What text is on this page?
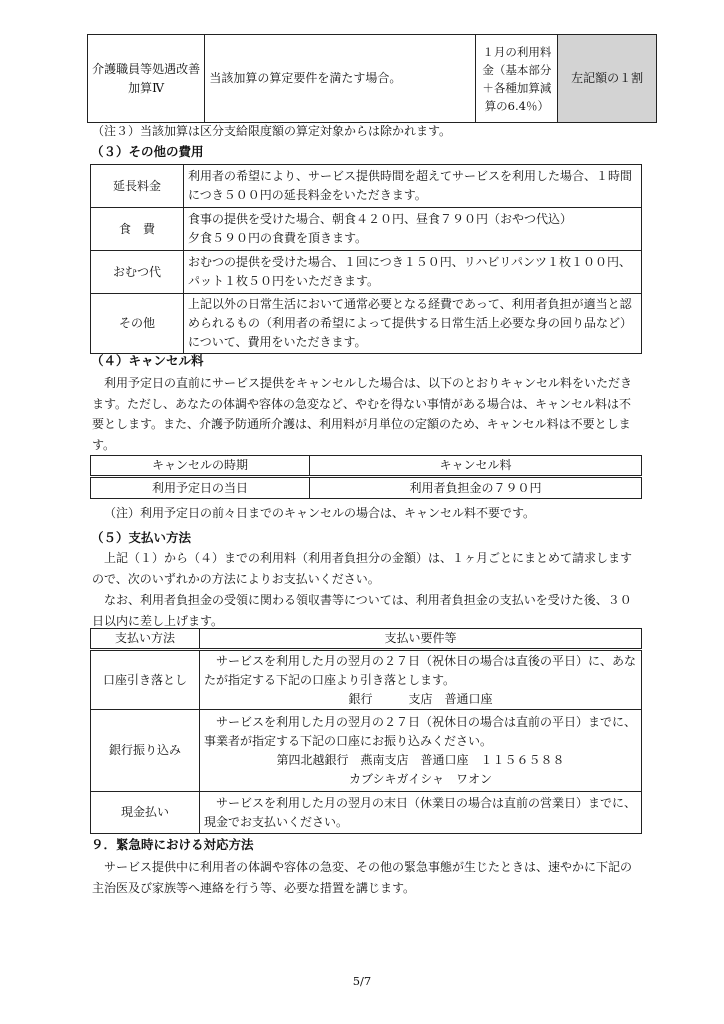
介護職員等処遇改善加算Ⅳ	当該加算の算定要件を満たす場合。	１月の利用料金（基本部分＋各種加算減算の6.4％）	左記額の１割
（注３）当該加算は区分支給限度額の算定対象からは除かれます。
（３）その他の費用
延長料金	利用者の希望により、サービス提供時間を超えてサービスを利用した場合、１時間につき５００円の延長料金をいただきます。
食　費	食事の提供を受けた場合、朝食４２０円、昼食７９０円（おやつ代込）
夕食５９０円の食費を頂きます。

おむつ代	おむつの提供を受けた場合、１回につき１５０円、リハビリパンツ１枚１００円、パット１枚５０円をいただきます。
その他	上記以外の日常生活において通常必要となる経費であって、利用者負担が適当と認められるもの（利用者の希望によって提供する日常生活上必要な身の回り品など）について、費用をいただきます。
（４）キャンセル料
利用予定日の直前にサービス提供をキャンセルした場合は、以下のとおりキャンセル料をいただきます。ただし、あなたの体調や容体の急変など、やむを得ない事情がある場合は、キャンセル料は不要とします。また、介護予防通所介護は、利用料が月単位の定額のため、キャンセル料は不要とします。
キャンセルの時期	キャンセル料
利用予定日の当日	利用者負担金の７９０円
（注）利用予定日の前々日までのキャンセルの場合は、キャンセル料不要です。
（５）支払い方法
上記（１）から（４）までの利用料（利用者負担分の金額）は、１ヶ月ごとにまとめて請求しますので、次のいずれかの方法によりお支払いください。
なお、利用者負担金の受領に関わる領収書等については、利用者負担金の支払いを受けた後、３０日以内に差し上げます。
支払い方法	支払い要件等
口座引き落とし	サービスを利用した月の翌月の２７日（祝休日の場合は直後の平日）に、あなたが指定する下記の口座より引き落とします。
銀行　　　支店　普通口座

銀行振り込み	サービスを利用した月の翌月の２７日（祝休日の場合は直前の平日）までに、事業者が指定する下記の口座にお振り込みください。
第四北越銀行　燕南支店　普通口座　１１５６５８８
カブシキガイシャ　ワオン

現金払い	サービスを利用した月の翌月の末日（休業日の場合は直前の営業日）までに、現金でお支払いください。
９．緊急時における対応方法
サービス提供中に利用者の体調や容体の急変、その他の緊急事態が生じたときは、速やかに下記の主治医及び家族等へ連絡を行う等、必要な措置を講じます。
5/7
